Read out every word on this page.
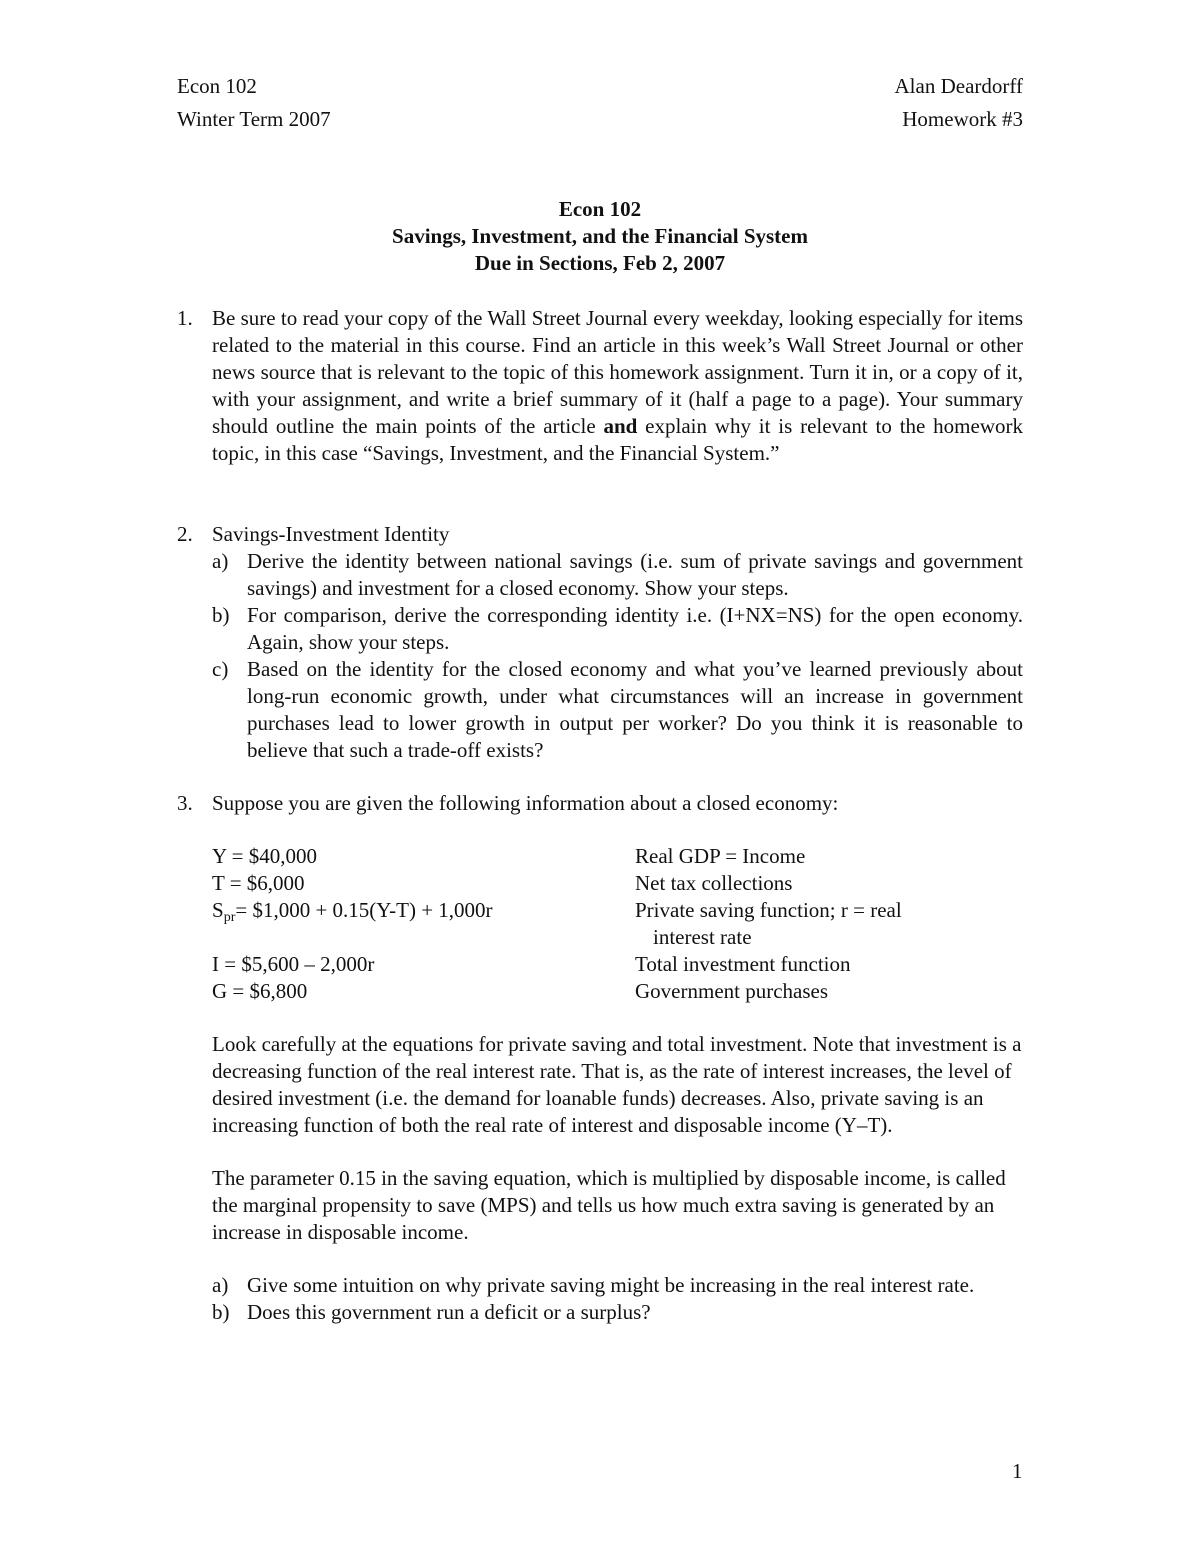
Econ 102
Winter Term 2007
Alan Deardorff
Homework #3
Econ 102
Savings, Investment, and the Financial System
Due in Sections, Feb 2, 2007
1. Be sure to read your copy of the Wall Street Journal every weekday, looking especially for items related to the material in this course. Find an article in this week’s Wall Street Journal or other news source that is relevant to the topic of this homework assignment. Turn it in, or a copy of it, with your assignment, and write a brief summary of it (half a page to a page). Your summary should outline the main points of the article and explain why it is relevant to the homework topic, in this case “Savings, Investment, and the Financial System.”
2. Savings-Investment Identity
a) Derive the identity between national savings (i.e. sum of private savings and government savings) and investment for a closed economy. Show your steps.
b) For comparison, derive the corresponding identity i.e. (I+NX=NS) for the open economy. Again, show your steps.
c) Based on the identity for the closed economy and what you’ve learned previously about long-run economic growth, under what circumstances will an increase in government purchases lead to lower growth in output per worker? Do you think it is reasonable to believe that such a trade-off exists?
3. Suppose you are given the following information about a closed economy:
Y = $40,000	Real GDP = Income
T = $6,000	Net tax collections
$S_{pr}=$ $1,000 + 0.15(Y-T) + 1,000r	Private saving function; r = real
interest rate
I = $5,600 – 2,000r	Total investment function
G = $6,800	Government purchases
Look carefully at the equations for private saving and total investment. Note that investment is a decreasing function of the real interest rate. That is, as the rate of interest increases, the level of desired investment (i.e. the demand for loanable funds) decreases. Also, private saving is an increasing function of both the real rate of interest and disposable income (Y–T).
The parameter 0.15 in the saving equation, which is multiplied by disposable income, is called the marginal propensity to save (MPS) and tells us how much extra saving is generated by an increase in disposable income.
a) Give some intuition on why private saving might be increasing in the real interest rate.
b) Does this government run a deficit or a surplus?
1
